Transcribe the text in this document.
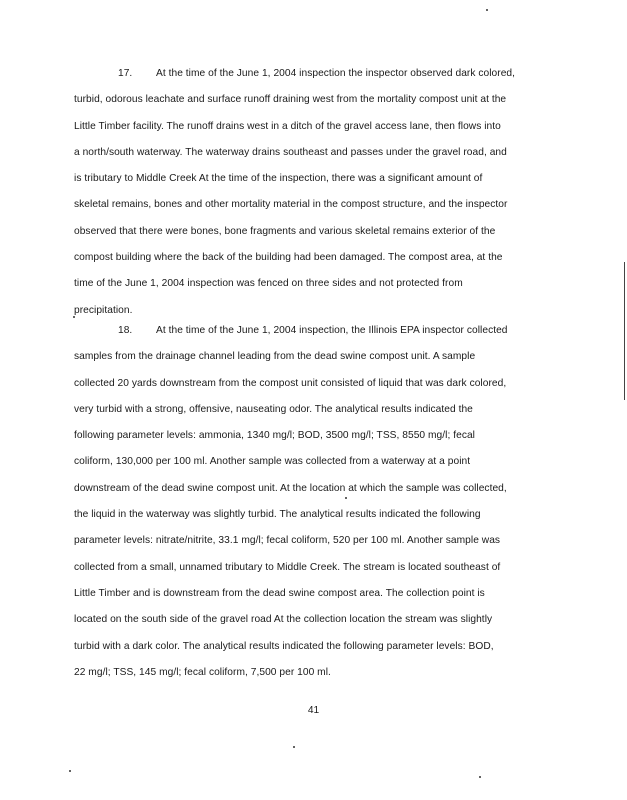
17. At the time of the June 1, 2004 inspection the inspector observed dark colored,
turbid, odorous leachate and surface runoff draining west from the mortality compost unit at the
Little Timber facility. The runoff drains west in a ditch of the gravel access lane, then flows into
a north/south waterway. The waterway drains southeast and passes under the gravel road, and
is tributary to Middle Creek At the time of the inspection, there was a significant amount of
skeletal remains, bones and other mortality material in the compost structure, and the inspector
observed that there were bones, bone fragments and various skeletal remains exterior of the
compost building where the back of the building had been damaged. The compost area, at the
time of the June 1, 2004 inspection was fenced on three sides and not protected from
precipitation.
18. At the time of the June 1, 2004 inspection, the Illinois EPA inspector collected
samples from the drainage channel leading from the dead swine compost unit. A sample
collected 20 yards downstream from the compost unit consisted of liquid that was dark colored,
very turbid with a strong, offensive, nauseating odor. The analytical results indicated the
following parameter levels: ammonia, 1340 mg/l; BOD, 3500 mg/l; TSS, 8550 mg/l; fecal
coliform, 130,000 per 100 ml. Another sample was collected from a waterway at a point
downstream of the dead swine compost unit. At the location at which the sample was collected,
the liquid in the waterway was slightly turbid. The analytical results indicated the following
parameter levels: nitrate/nitrite, 33.1 mg/l; fecal coliform, 520 per 100 ml. Another sample was
collected from a small, unnamed tributary to Middle Creek. The stream is located southeast of
Little Timber and is downstream from the dead swine compost area. The collection point is
located on the south side of the gravel road At the collection location the stream was slightly
turbid with a dark color. The analytical results indicated the following parameter levels: BOD,
22 mg/l; TSS, 145 mg/l; fecal coliform, 7,500 per 100 ml.
41
